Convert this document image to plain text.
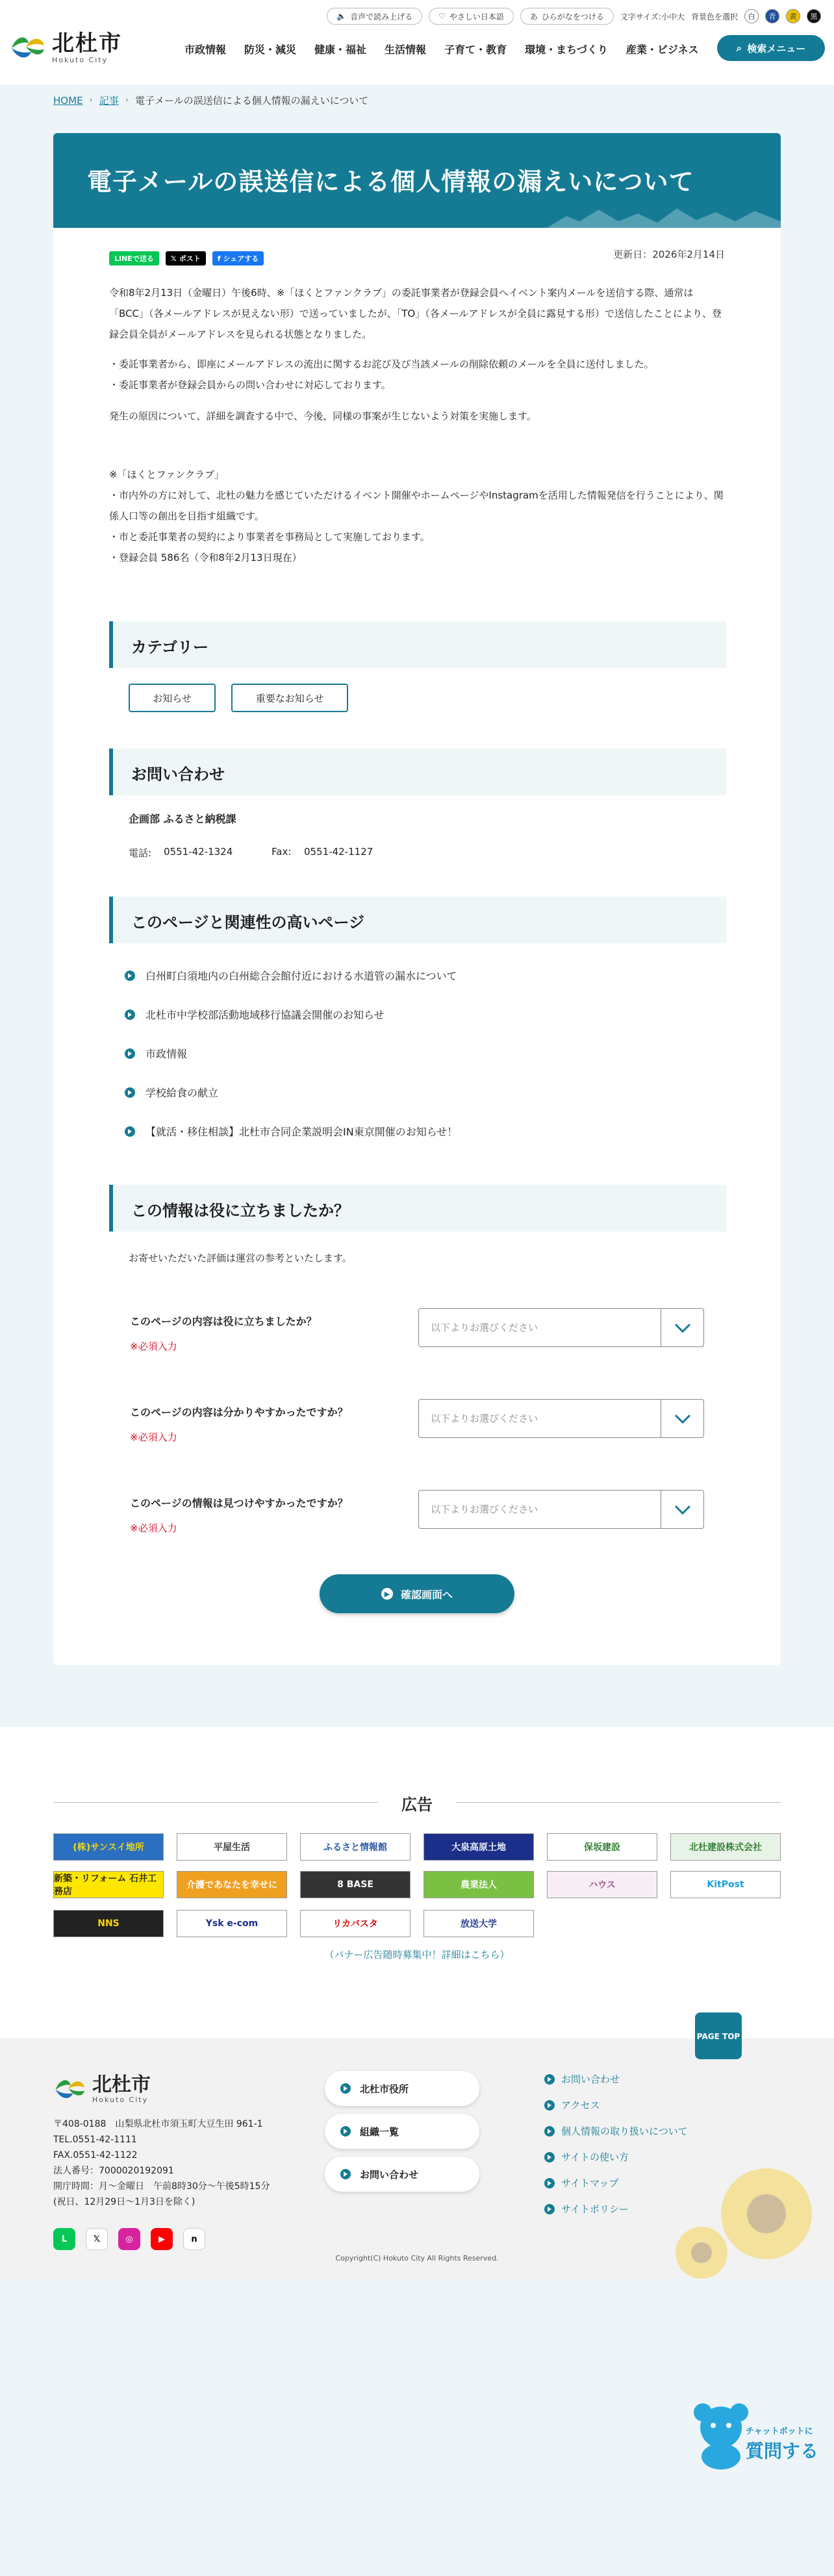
北杜市
Hokuto City
🔈 音声で読み上げる	♡ やさしい日本語	あ ひらがなをつける 文字サイズ:小中大 背景色を選択	白	青	黄	黒
市政情報	防災・減災	健康・福祉	生活情報	子育て・教育	環境・まちづくり	産業・ビジネス	⌕ 検索メニュー
HOME › 記事 › 電子メールの誤送信による個人情報の漏えいについて
電子メールの誤送信による個人情報の漏えいについて
LINEで送る 𝕏 ポスト f シェアする	更新日：2026年2月14日
令和8年2月13日（金曜日）午後6時、※「ほくとファンクラブ」の委託事業者が登録会員へイベント案内メールを送信する際、通常は「BCC」（各メールアドレスが見えない形）で送っていましたが、「TO」（各メールアドレスが全員に露見する形）で送信したことにより、登録会員全員がメールアドレスを見られる状態となりました。
・委託事業者から、即座にメールアドレスの流出に関するお詫び及び当該メールの削除依頼のメールを全員に送付しました。
・委託事業者が登録会員からの問い合わせに対応しております。
発生の原因について、詳細を調査する中で、今後、同様の事案が生じないよう対策を実施します。
※「ほくとファンクラブ」
・市内外の方に対して、北杜の魅力を感じていただけるイベント開催やホームページやInstagramを活用した情報発信を行うことにより、関係人口等の創出を目指す組織です。
・市と委託事業者の契約により事業者を事務局として実施しております。
・登録会員 586名（令和8年2月13日現在）
カテゴリー
お知らせ	重要なお知らせ
お問い合わせ
企画部 ふるさと納税課
電話: 0551-42-1324	Fax: 0551-42-1127
このページと関連性の高いページ
白州町白須地内の白州総合会館付近における水道管の漏水について
北杜市中学校部活動地域移行協議会開催のお知らせ
市政情報
学校給食の献立
【就活・移住相談】北杜市合同企業説明会IN東京開催のお知らせ！
この情報は役に立ちましたか？
お寄せいただいた評価は運営の参考といたします。
このページの内容は役に立ちましたか？
※必須入力
以下よりお選びください
このページの内容は分かりやすかったですか？
※必須入力
以下よりお選びください
このページの情報は見つけやすかったですか？
※必須入力
以下よりお選びください
▶ 確認画面へ
広告
(株)サンスイ地所	平屋生活	ふるさと情報館	大泉高原土地	保坂建設	北杜建設株式会社
新築・リフォーム 石井工務店
介護であなたを幸せに	8 BASE	農業法人	ハウス	KitPost
NNS	Ysk e-com	リカバスタ	放送大学
（バナー広告随時募集中！詳細はこちら）
北杜市
Hokuto City
〒408-0188　山梨県北杜市須玉町大豆生田 961-1
TEL.0551-42-1111
FAX.0551-42-1122
法人番号：7000020192091
開庁時間：月～金曜日　午前8時30分～午後5時15分
(祝日、12月29日～1月3日を除く)
北杜市役所
組織一覧
お問い合わせ
お問い合わせ
アクセス
個人情報の取り扱いについて
サイトの使い方
サイトマップ
サイトポリシー
L	𝕏	◎	▶	n
Copyright(C) Hokuto City All Rights Reserved.
PAGE TOP
チャットボットに
質問する
